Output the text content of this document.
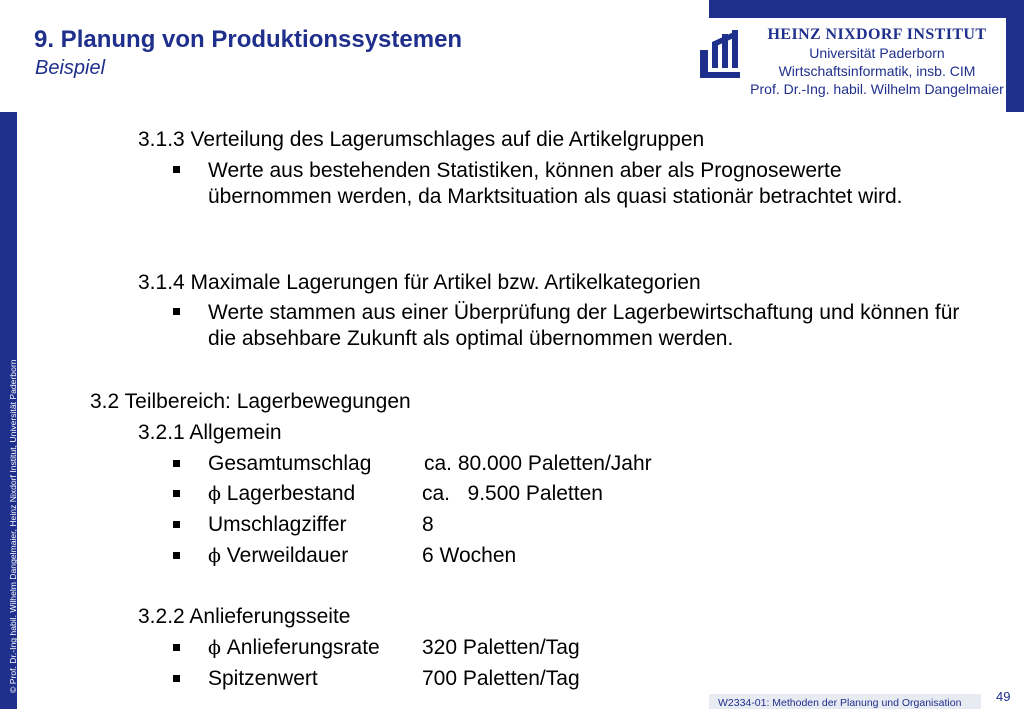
© Prof. Dr.-Ing habil. Wilhelm Dangelmaier, Heinz Nixdorf Institut, Universität Paderborn
9. Planung von Produktionssystemen
Beispiel
HEINZ NIXDORF INSTITUT
Universität Paderborn
Wirtschaftsinformatik, insb. CIM
Prof. Dr.-Ing. habil. Wilhelm Dangelmaier
3.1.3 Verteilung des Lagerumschlages auf die Artikelgruppen

Werte aus bestehenden Statistiken, können aber als Prognosewerte übernommen werden, da Marktsituation als quasi stationär betrachtet wird.

3.1.4 Maximale Lagerungen für Artikel bzw. Artikelkategorien

Werte stammen aus einer Überprüfung der Lagerbewirtschaftung und können für die absehbare Zukunft als optimal übernommen werden.

3.2 Teilbereich: Lagerbewegungen
3.2.1 Allgemein
Gesamtumschlag	ca. 80.000 Paletten/Jahr
ϕ Lagerbestand	ca.   9.500 Paletten
Umschlagziffer	8
ϕ Verweildauer	6 Wochen
3.2.2 Anlieferungsseite
ϕ Anlieferungsrate 320 Paletten/Tag
Spitzenwert	700 Paletten/Tag
W2334-01: Methoden der Planung und Organisation	49
